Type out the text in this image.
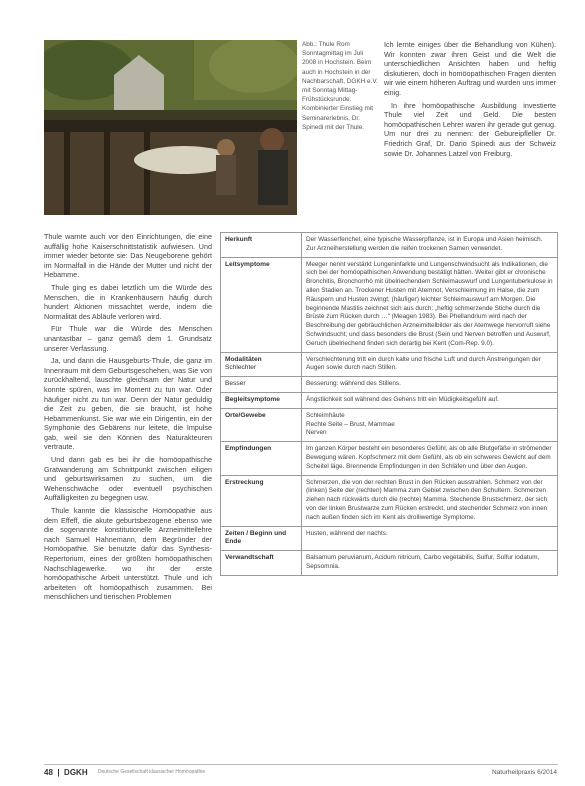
Abb.: Thule Rom Sonntagmittag im Juli 2008 in Hochstein. Beim auch in Hochstein in der Nachbarschaft, DGKH e.V. mit Sonntag Mittag-Frühstücksrunde. Kombinierter Einstieg mit Seminarerlebnis, Dr. Spinedi mit der Thule.

Ich lernte einiges über die Behandlung von Kühen). Wir konnten zwar ihren Geist und die Welt die unterschiedlichen Ansichten haben und heftig diskutieren, doch in homöopathischen Fragen dienten wir wie einem höheren Auftrag und wurden uns immer einig.

In ihre homöopathische Ausbildung investierte Thule viel Zeit und Geld. Die besten homöopathischen Lehrer waren ihr gerade gut genug. Um nur drei zu nennen: der Gebureipfleller Dr. Friedrich Graf, Dr. Dario Spinedi aus der Schweiz sowie Dr. Johannes Latzel von Freiburg.

Thule warnte auch vor den Einrichtungen, die eine auffällig hohe Kaiserschnittstatistik aufwiesen. Und immer wieder betonte sie: Das Neugeborene gehört im Normalfall in die Hände der Mutter und nicht der Hebamme.

Thule ging es dabei letztlich um die Würde des Menschen, die in Krankenhäusern häufig durch hundert Aktionen missachtet werde, indem die Normalität des Abläufe verloren wird.

Für Thule war die Würde des Menschen unantastbar – ganz gemäß dem 1. Grundsatz unserer Verfassung.

Ja, und dann die Hausgeburts-Thule, die ganz im Innenraum mit dem Geburtsgeschehen, was Sie von zurückhaltend, lauschte gleichsam der Natur und konnte spüren, was im Moment zu tun war. Oder häufiger nicht zu tun war. Denn der Natur geduldig die Zeit zu geben, die sie braucht, ist hohe Hebammenkunst. Sie war wie ein Dirigentin, ein der Symphonie des Gebärens nur leitete, die Impulse gab, weil sie den Können des Naturakteuren vertraute.

Und dann gab es bei ihr die homöopathische Gratwanderung am Schnittpunkt zwischen eiligen und geburtswirksamen zu suchen, um die Wehenschwäche oder eventuell psychischen Auffälligkeiten zu begegnen usw.

Thule kannte die klassische Homöopathie aus dem Effeff, die akute geburtsbezogene ebenso wie die sogenannte konstitutionelle Arzneimittellehre nach Samuel Hahnemann, dem Begründer der Homöopathie. Sie benutzte dafür das Synthesis-Repertorium, eines der größten homöopathischen Nachschlagewerke. wo ihr der erste homöopathische Arbeit unterstützt. Thule und ich arbeiteten oft homöopathisch zusammen. Bei menschlichen und tierischen Problemen

Herkunft	Der Wasserfenchel, eine typische Wasserpflanze, ist in Europa und Asien heimisch. Zur Arzneiherstellung werden die reifen trockenen Samen verwendet.
Leitsymptome	Meeger nennt verstärkt Lungeninfarkte und Lungenschwindsucht als Indikationen, die sich bei der homöopathischen Anwendung bestätigt hätten. Weiter gibt er chronische Bronchitis, Bronchorrhö mit übelriechendem Schleimauswurf und Lungentuberkulose in allen Stadien an. Trockener Husten mit Atemnot, Verschleimung im Halse, die zum Räuspern und Husten zwingt; (häufiger) leichter Schleimauswurf am Morgen. Die beginnende Mastitis zeichnet sich aus durch: „heftig schmerzende Stiche durch die Brüste zum Rücken durch …“ (Meagen 1983). Bei Phellandrium wird nach der Beschreibung der gebräuchlichen Arzneimittelbilder als der Atemwege hervorruft siehe Schwindsucht; und dass besonders die Brust (Sein und Nerven betroffen und Auswurf, Geruch übelriechend finden sich derartig bei Kent (Com-Rep. 9.0).
Modalitäten
Schlechter	Verschlechterung tritt ein durch kalte und frische Luft und durch Anstrengungen der Augen sowie durch nach Stillen.

Besser	Besserung: während des Stillens.
Begleitsymptome	Ängstlichkeit soll während des Gehens tritt ein Müdigkeitsgefühl auf.
Orte/Gewebe	Schleimhäute
Rechte Seite – Brust, Mammae
Nerven
Empfindungen	Im ganzen Körper besteht ein besonderes Gefühl, als ob alle Blutgefäße in strömender Bewegung wären. Kopfschmerz mit dem Gefühl, als ob ein schweres Gewicht auf dem Scheitel läge. Brennende Empfindungen in den Schläfen und über den Augen.
Erstreckung	Schmerzen, die von der rechten Brust in den Rücken ausstrahlen. Schmerz von der (linken) Seite der (rechten) Mamma zum Gebiet zwischen den Schultern. Schmerzen ziehen nach rückwärts durch die (rechte) Mamma. Stechende Brustschmerz, der sich von der linken Brustwarze zum Rücken erstreckt, und stechender Schmerz von innen nach außen finden sich im Kent als drolliwertige Symptome.
Zeiten / Beginn und Ende	Husten, während der nachts.
Verwandtschaft	Balsamum peruvianum, Acidum nitricum, Carbo vegetabilis, Sulfur, Sulfur iodatum, Sepsomnia.
48  |  DGKH Deutsche Gesellschaft klassischer Homöopathie	Naturheilpraxis 6/2014
